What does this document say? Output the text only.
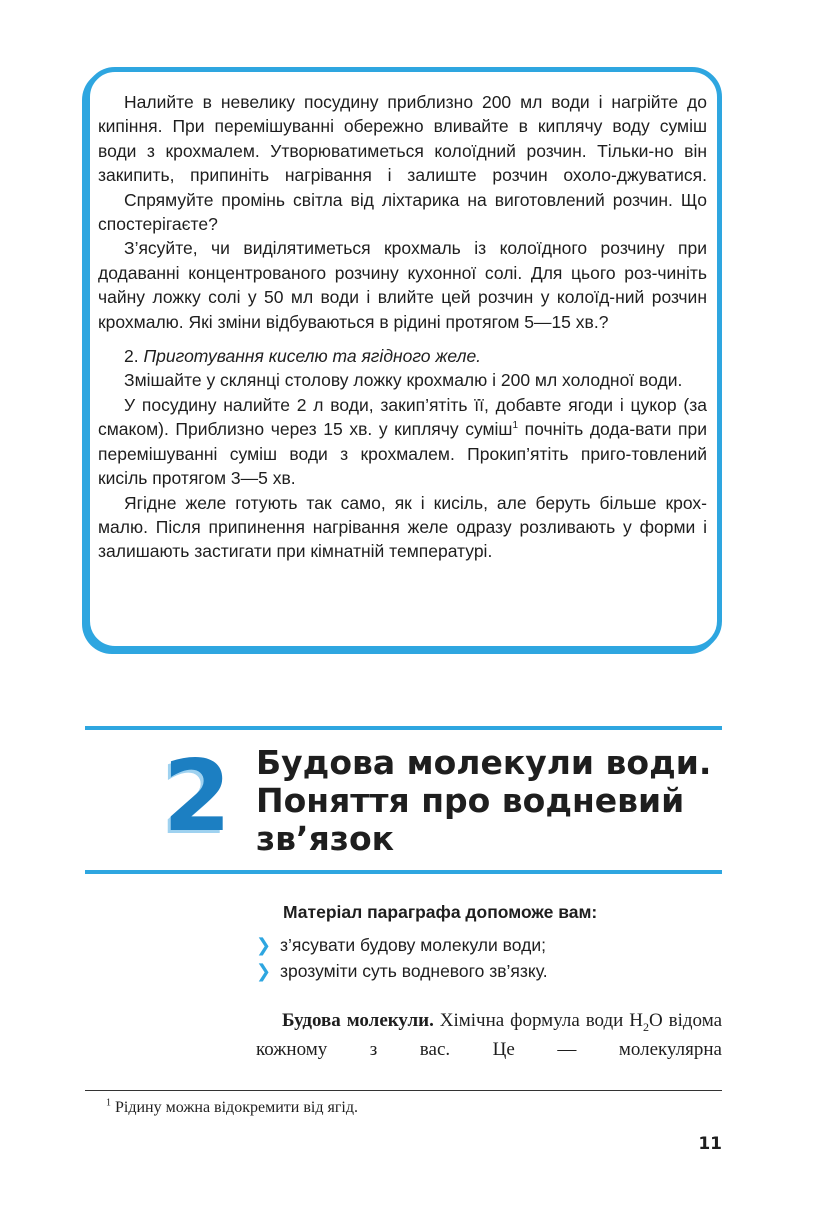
Налийте в невелику посудину приблизно 200 мл води і нагрійте до кипіння. При перемішуванні обережно вливайте в киплячу воду суміш води з крохмалем. Утворюватиметься колоїдний розчин. Тільки-но він закипить, припиніть нагрівання і залиште розчин охоло-джуватися.

Спрямуйте промінь світла від ліхтарика на виготовлений розчин. Що спостерігаєте?

З’ясуйте, чи виділятиметься крохмаль із колоїдного розчину при додаванні концентрованого розчину кухонної солі. Для цього роз-чиніть чайну ложку солі у 50 мл води і влийте цей розчин у колоїд-ний розчин крохмалю. Які зміни відбуваються в рідині протягом 5—15 хв.?

2. Приготування киселю та ягідного желе.

Змішайте у склянці столову ложку крохмалю і 200 мл холодної води.

У посудину налийте 2 л води, закип’ятіть її, добавте ягоди і цукор (за смаком). Приблизно через 15 хв. у киплячу суміш$^1$ почніть дода-вати при перемішуванні суміш води з крохмалем. Прокип’ятіть приго-товлений кисіль протягом 3—5 хв.

Ягідне желе готують так само, як і кисіль, але беруть більше крох-малю. Після припинення нагрівання желе одразу розливають у форми і залишають застигати при кімнатній температурі.

2 Будова молекули води.
Поняття про водневий
зв’язок
Матеріал параграфа допоможе вам:
❯ з’ясувати будову молекули води;
❯ зрозуміти суть водневого зв’язку.

Будова молекули. Хімічна формула води $H_2O$ відома кожному з вас. Це — молекулярна

$^1$ Рідину можна відокремити від ягід.

11
